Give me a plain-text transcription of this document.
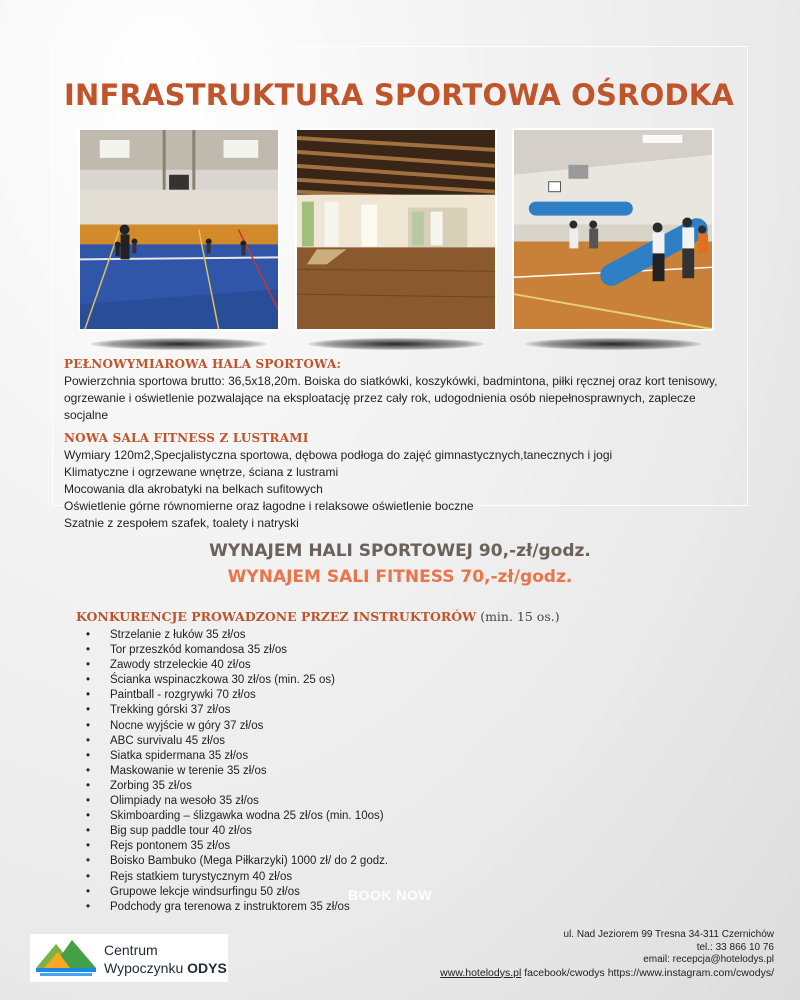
INFRASTRUKTURA SPORTOWA OŚRODKA
PEŁNOWYMIAROWA HALA SPORTOWA:
Powierzchnia sportowa brutto: 36,5x18,20m. Boiska do siatkówki, koszykówki, badmintona, piłki ręcznej oraz kort tenisowy,
ogrzewanie i oświetlenie pozwalające na eksploatację przez cały rok, udogodnienia osób niepełnosprawnych, zaplecze
socjalne
NOWA SALA FITNESS Z LUSTRAMI
Wymiary 120m2,Specjalistyczna sportowa, dębowa podłoga do zajęć gimnastycznych,tanecznych i jogi
Klimatyczne i ogrzewane wnętrze, ściana z lustrami
Mocowania dla akrobatyki na belkach sufitowych
Oświetlenie górne równomierne oraz łagodne i relaksowe oświetlenie boczne
Szatnie z zespołem szafek, toalety i natryski

WYNAJEM HALI SPORTOWEJ 90,-zł/godz.

WYNAJEM SALI FITNESS 70,-zł/godz.

KONKURENCJE PROWADZONE PRZEZ INSTRUKTORÓW (min. 15 os.)

• Strzelanie z łuków 35 zł/os
• Tor przeszkód komandosa 35 zł/os
• Zawody strzeleckie 40 zł/os
• Ścianka wspinaczkowa 30 zł/os (min. 25 os)
• Paintball - rozgrywki 70 zł/os
• Trekking górski 37 zł/os
• Nocne wyjście w góry 37 zł/os
• ABC survivalu 45 zł/os
• Siatka spidermana 35 zł/os
• Maskowanie w terenie 35 zł/os
• Zorbing 35 zł/os
• Olimpiady na wesoło 35 zł/os
• Skimboarding – ślizgawka wodna 25 zł/os (min. 10os)
• Big sup paddle tour 40 zł/os
• Rejs pontonem 35 zł/os
• Boisko Bambuko (Mega Piłkarzyki) 1000 zł/ do 2 godz.
• Rejs statkiem turystycznym 40 zł/os
• Grupowe lekcje windsurfingu 50 zł/os
• Podchody gra terenowa z instruktorem 35 zł/os
BOOK NOW
Centrum
Wypoczynku ODYS
ul. Nad Jeziorem 99 Tresna 34-311 Czernichów
tel.: 33 866 10 76
email: recepcja@hotelodys.pl
www.hotelodys.pl facebook/cwodys https://www.instagram.com/cwodys/
